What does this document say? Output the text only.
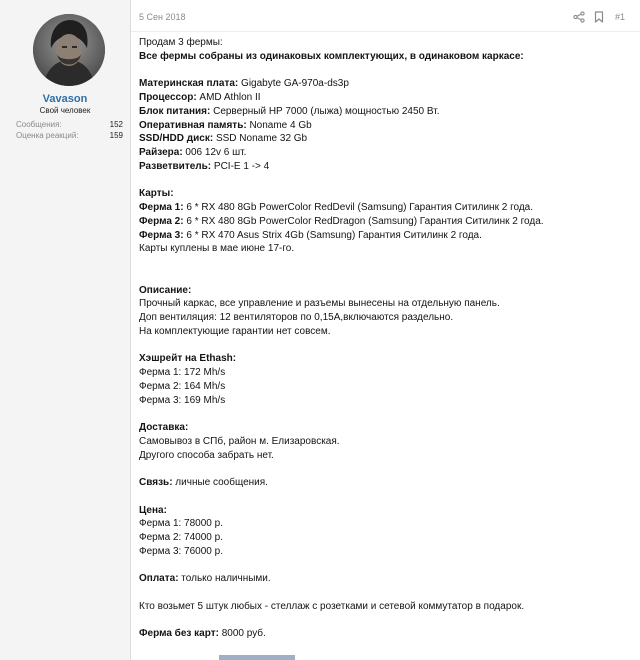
Vavason
Свой человек
Сообщения:	152
Оценка реакций:	159
5 Сен 2018	#1

Продам 3 фермы:

Все фермы собраны из одинаковых комплектующих, в одинаковом каркасе:

Материнская плата: Gigabyte GA-970a-ds3p

Процессор: AMD Athlon II

Блок питания: Серверный HP 7000 (лыжа) мощностью 2450 Вт.

Оперативная память: Noname 4 Gb

SSD/HDD диск: SSD Noname 32 Gb

Райзера: 006 12v 6 шт.

Разветвитель: PCI-E 1 -> 4

Карты:

Ферма 1: 6 * RX 480 8Gb PowerColor RedDevil (Samsung) Гарантия Ситилинк 2 года.

Ферма 2: 6 * RX 480 8Gb PowerColor RedDragon (Samsung) Гарантия Ситилинк 2 года.

Ферма 3: 6 * RX 470 Asus Strix 4Gb (Samsung) Гарантия Ситилинк 2 года.

Карты куплены в мае июне 17-го.

Описание:

Прочный каркас, все управление и разъемы вынесены на отдельную панель.

Доп вентиляция: 12 вентиляторов по 0,15А,включаются раздельно.

На комплектующие гарантии нет совсем.

Хэшрейт на Ethash:

Ферма 1: 172 Mh/s

Ферма 2: 164 Mh/s

Ферма 3: 169 Mh/s

Доставка:

Самовывоз в СПб, район м. Елизаровская.

Другого способа забрать нет.

Связь: личные сообщения.

Цена:

Ферма 1: 78000 р.

Ферма 2: 74000 р.

Ферма 3: 76000 р.

Оплата: только наличными.

Кто возьмет 5 штук любых - стеллаж с розетками и сетевой коммутатор в подарок.

Ферма без карт: 8000 руб.
